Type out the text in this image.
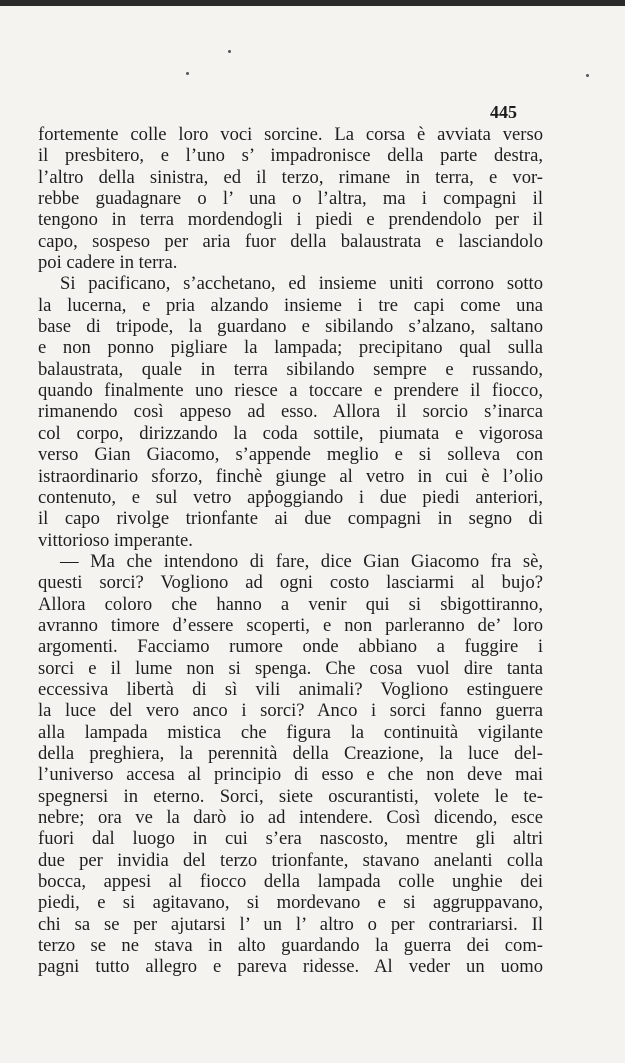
445
fortemente colle loro voci sorcine. La corsa è avviata verso
il presbitero, e l’uno s’ impadronisce della parte destra,
l’altro della sinistra, ed il terzo, rimane in terra, e vor-
rebbe guadagnare o l’ una o l’altra, ma i compagni il
tengono in terra mordendogli i piedi e prendendolo per il
capo, sospeso per aria fuor della balaustrata e lasciandolo
poi cadere in terra.
Si pacificano, s’acchetano, ed insieme uniti corrono sotto
la lucerna, e pria alzando insieme i tre capi come una
base di tripode, la guardano e sibilando s’alzano, saltano
e non ponno pigliare la lampada; precipitano qual sulla
balaustrata, quale in terra sibilando sempre e russando,
quando finalmente uno riesce a toccare e prendere il fiocco,
rimanendo così appeso ad esso. Allora il sorcio s’inarca
col corpo, dirizzando la coda sottile, piumata e vigorosa
verso Gian Giacomo, s’appende meglio e si solleva con
istraordinario sforzo, finchè giunge al vetro in cui è l’olio
contenuto, e sul vetro appoggiando i due piedi anteriori,
il capo rivolge trionfante ai due compagni in segno di
vittorioso imperante.
— Ma che intendono di fare, dice Gian Giacomo fra sè,
questi sorci? Vogliono ad ogni costo lasciarmi al bujo?
Allora coloro che hanno a venir qui si sbigottiranno,
avranno timore d’essere scoperti, e non parleranno de’ loro
argomenti. Facciamo rumore onde abbiano a fuggire i
sorci e il lume non si spenga. Che cosa vuol dire tanta
eccessiva libertà di sì vili animali? Vogliono estinguere
la luce del vero anco i sorci? Anco i sorci fanno guerra
alla lampada mistica che figura la continuità vigilante
della preghiera, la perennità della Creazione, la luce del-
l’universo accesa al principio di esso e che non deve mai
spegnersi in eterno. Sorci, siete oscurantisti, volete le te-
nebre; ora ve la darò io ad intendere. Così dicendo, esce
fuori dal luogo in cui s’era nascosto, mentre gli altri
due per invidia del terzo trionfante, stavano anelanti colla
bocca, appesi al fiocco della lampada colle unghie dei
piedi, e si agitavano, si mordevano e si aggruppavano,
chi sa se per ajutarsi l’ un l’ altro o per contrariarsi. Il
terzo se ne stava in alto guardando la guerra dei com-
pagni tutto allegro e pareva ridesse. Al veder un uomo
